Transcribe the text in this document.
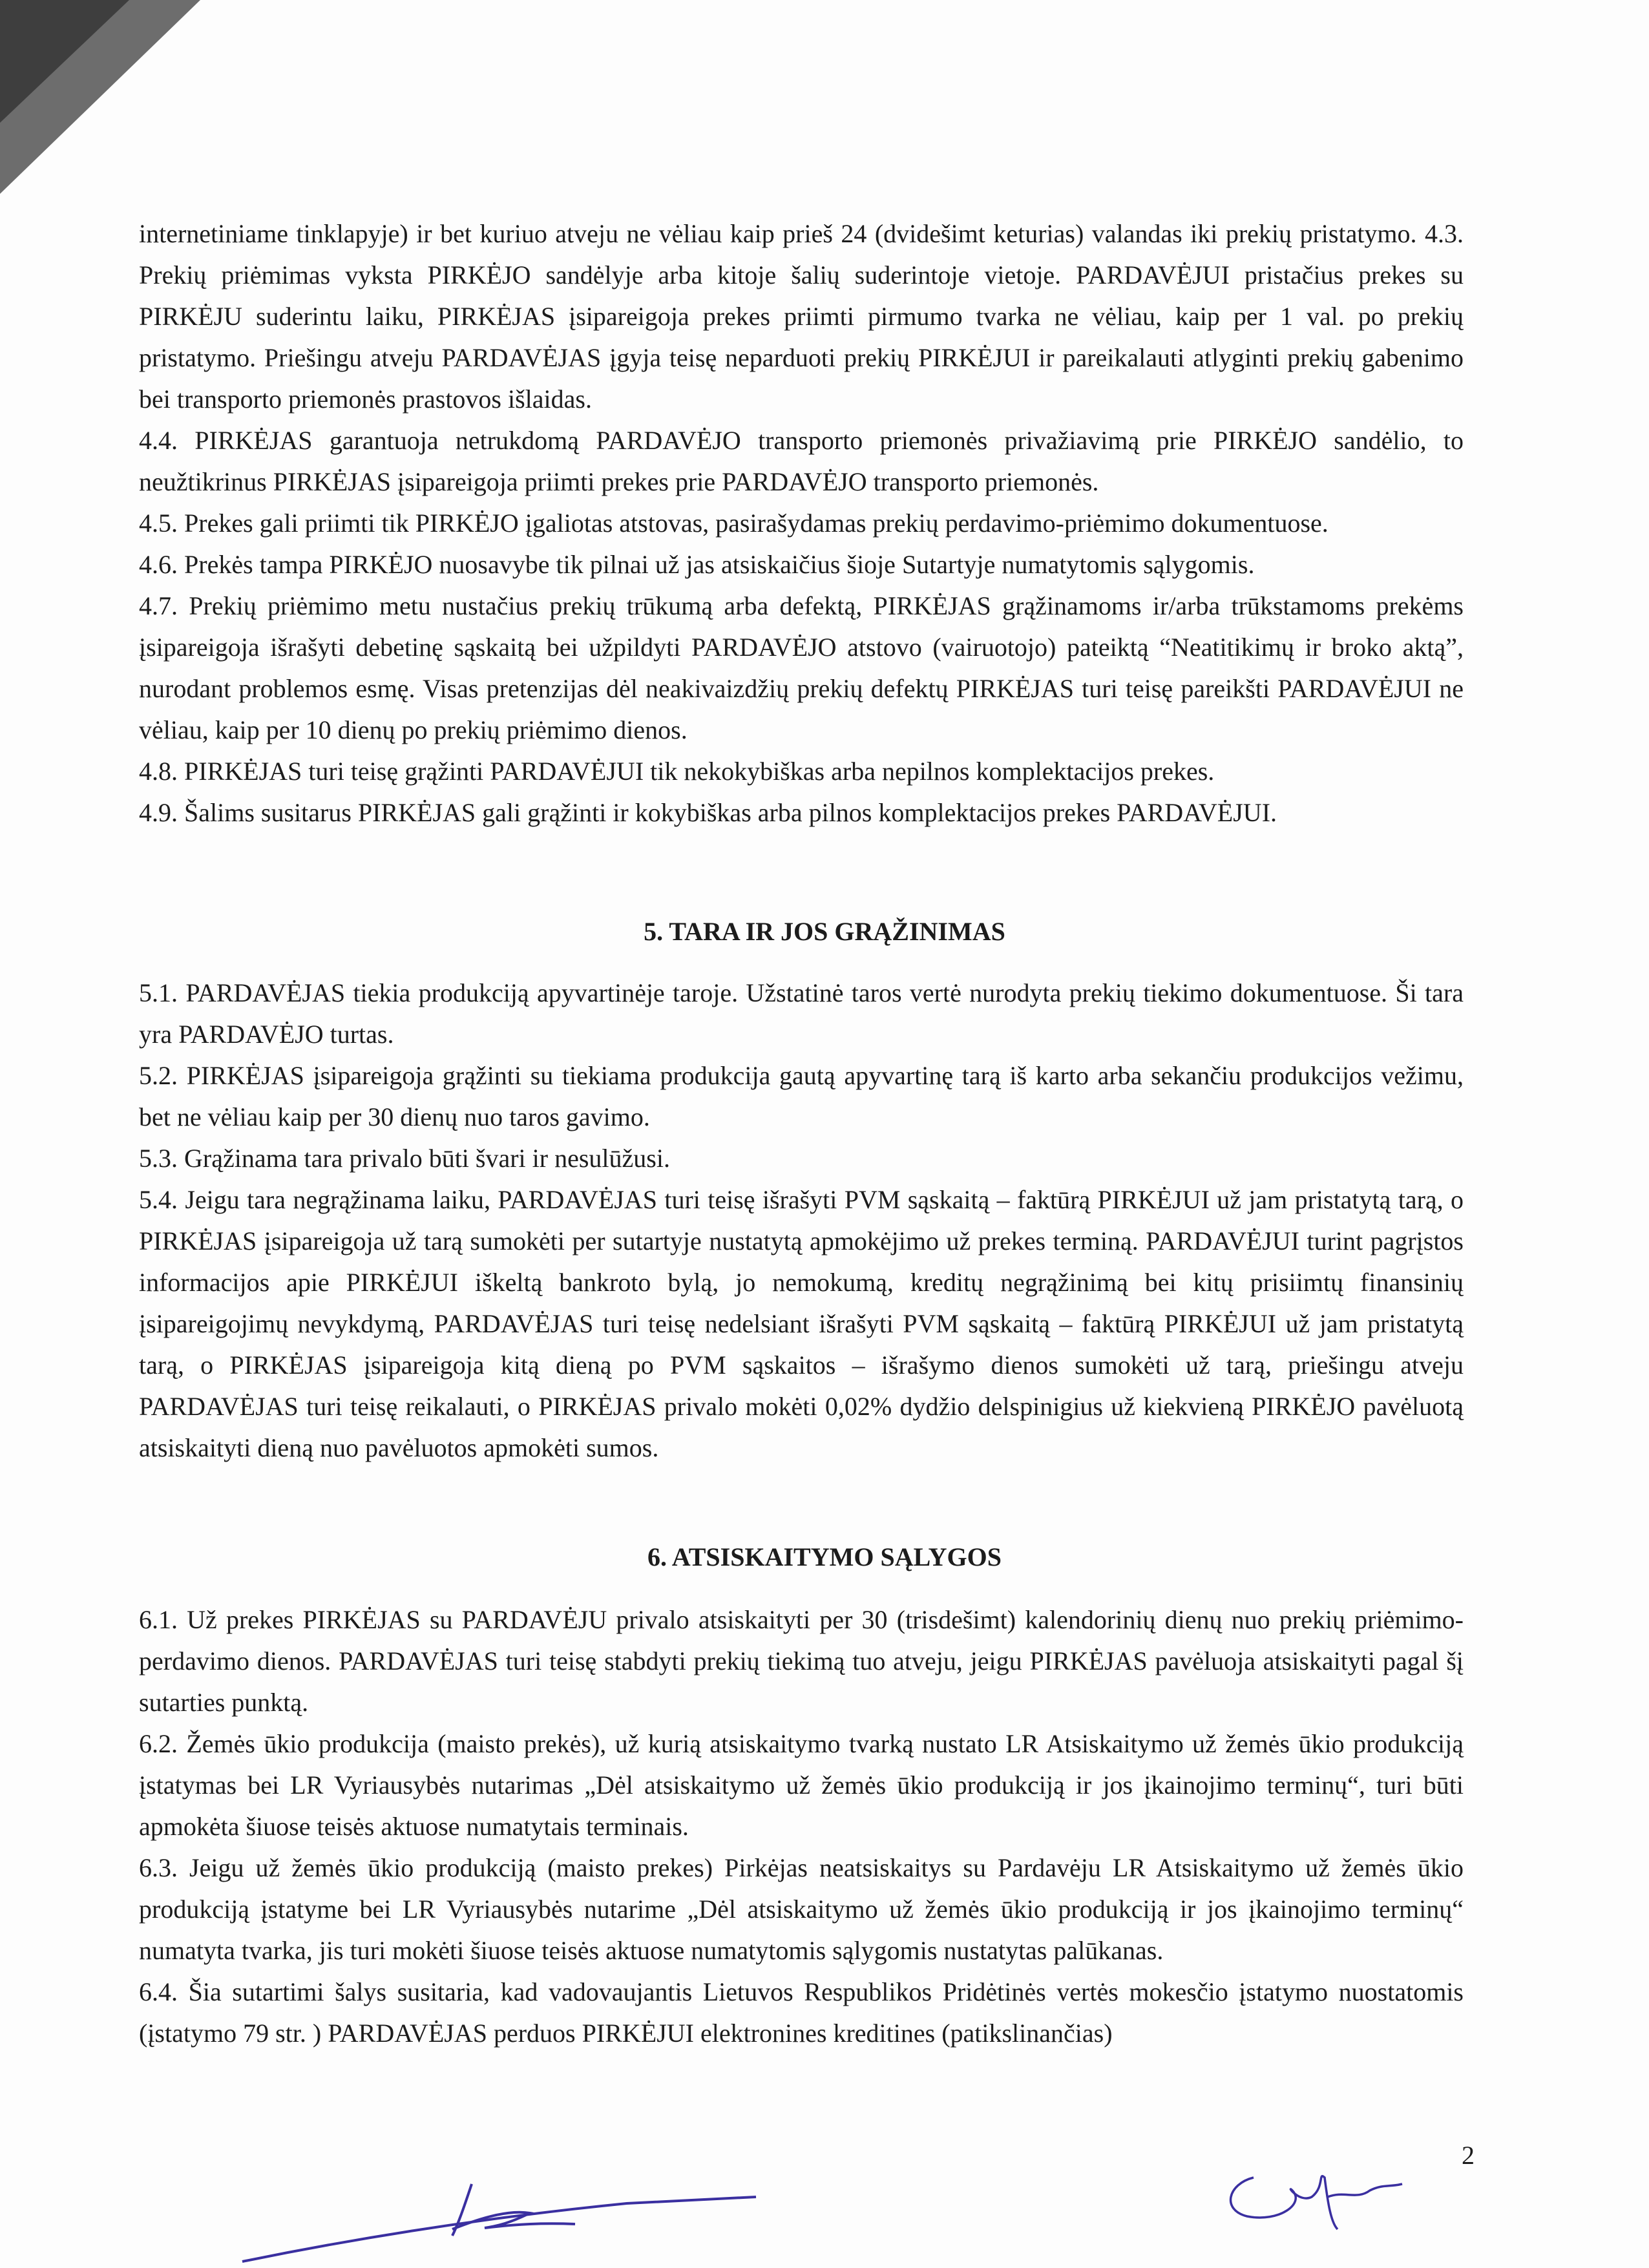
internetiniame tinklapyje) ir bet kuriuo atveju ne vėliau kaip prieš 24 (dvidešimt keturias) valandas iki prekių pristatymo. 4.3. Prekių priėmimas vyksta PIRKĖJO sandėlyje arba kitoje šalių suderintoje vietoje. PARDAVĖJUI pristačius prekes su PIRKĖJU suderintu laiku, PIRKĖJAS įsipareigoja prekes priimti pirmumo tvarka ne vėliau, kaip per 1 val. po prekių pristatymo. Priešingu atveju PARDAVĖJAS įgyja teisę neparduoti prekių PIRKĖJUI ir pareikalauti atlyginti prekių gabenimo bei transporto priemonės prastovos išlaidas.

4.4. PIRKĖJAS garantuoja netrukdomą PARDAVĖJO transporto priemonės privažiavimą prie PIRKĖJO sandėlio, to neužtikrinus PIRKĖJAS įsipareigoja priimti prekes prie PARDAVĖJO transporto priemonės.

4.5. Prekes gali priimti tik PIRKĖJO įgaliotas atstovas, pasirašydamas prekių perdavimo-priėmimo dokumentuose.

4.6. Prekės tampa PIRKĖJO nuosavybe tik pilnai už jas atsiskaičius šioje Sutartyje numatytomis sąlygomis.

4.7. Prekių priėmimo metu nustačius prekių trūkumą arba defektą, PIRKĖJAS grąžinamoms ir/arba trūkstamoms prekėms įsipareigoja išrašyti debetinę sąskaitą bei užpildyti PARDAVĖJO atstovo (vairuotojo) pateiktą “Neatitikimų ir broko aktą”, nurodant problemos esmę. Visas pretenzijas dėl neakivaizdžių prekių defektų PIRKĖJAS turi teisę pareikšti PARDAVĖJUI ne vėliau, kaip per 10 dienų po prekių priėmimo dienos.

4.8. PIRKĖJAS turi teisę grąžinti PARDAVĖJUI tik nekokybiškas arba nepilnos komplektacijos prekes.

4.9. Šalims susitarus PIRKĖJAS gali grąžinti ir kokybiškas arba pilnos komplektacijos prekes PARDAVĖJUI.

5. TARA IR JOS GRĄŽINIMAS

5.1. PARDAVĖJAS tiekia produkciją apyvartinėje taroje. Užstatinė taros vertė nurodyta prekių tiekimo dokumentuose. Ši tara yra PARDAVĖJO turtas.

5.2. PIRKĖJAS įsipareigoja grąžinti su tiekiama produkcija gautą apyvartinę tarą iš karto arba sekančiu produkcijos vežimu, bet ne vėliau kaip per 30 dienų nuo taros gavimo.

5.3. Grąžinama tara privalo būti švari ir nesulūžusi.

5.4. Jeigu tara negrąžinama laiku, PARDAVĖJAS turi teisę išrašyti PVM sąskaitą – faktūrą PIRKĖJUI už jam pristatytą tarą, o PIRKĖJAS įsipareigoja už tarą sumokėti per sutartyje nustatytą apmokėjimo už prekes terminą. PARDAVĖJUI turint pagrįstos informacijos apie PIRKĖJUI iškeltą bankroto bylą, jo nemokumą, kreditų negrąžinimą bei kitų prisiimtų finansinių įsipareigojimų nevykdymą, PARDAVĖJAS turi teisę nedelsiant išrašyti PVM sąskaitą – faktūrą PIRKĖJUI už jam pristatytą tarą, o PIRKĖJAS įsipareigoja kitą dieną po PVM sąskaitos – išrašymo dienos sumokėti už tarą, priešingu atveju PARDAVĖJAS turi teisę reikalauti, o PIRKĖJAS privalo mokėti 0,02% dydžio delspinigius už kiekvieną PIRKĖJO pavėluotą atsiskaityti dieną nuo pavėluotos apmokėti sumos.

6. ATSISKAITYMO SĄLYGOS

6.1. Už prekes PIRKĖJAS su PARDAVĖJU privalo atsiskaityti per 30 (trisdešimt) kalendorinių dienų nuo prekių priėmimo-perdavimo dienos. PARDAVĖJAS turi teisę stabdyti prekių tiekimą tuo atveju, jeigu PIRKĖJAS pavėluoja atsiskaityti pagal šį sutarties punktą.

6.2. Žemės ūkio produkcija (maisto prekės), už kurią atsiskaitymo tvarką nustato LR Atsiskaitymo už žemės ūkio produkciją įstatymas bei LR Vyriausybės nutarimas „Dėl atsiskaitymo už žemės ūkio produkciją ir jos įkainojimo terminų“, turi būti apmokėta šiuose teisės aktuose numatytais terminais.

6.3. Jeigu už žemės ūkio produkciją (maisto prekes) Pirkėjas neatsiskaitys su Pardavėju LR Atsiskaitymo už žemės ūkio produkciją įstatyme bei LR Vyriausybės nutarime „Dėl atsiskaitymo už žemės ūkio produkciją ir jos įkainojimo terminų“ numatyta tvarka, jis turi mokėti šiuose teisės aktuose numatytomis sąlygomis nustatytas palūkanas.

6.4. Šia sutartimi šalys susitaria, kad vadovaujantis Lietuvos Respublikos Pridėtinės vertės mokesčio įstatymo nuostatomis (įstatymo 79 str. ) PARDAVĖJAS perduos PIRKĖJUI elektronines kreditines (patikslinančias)

2
